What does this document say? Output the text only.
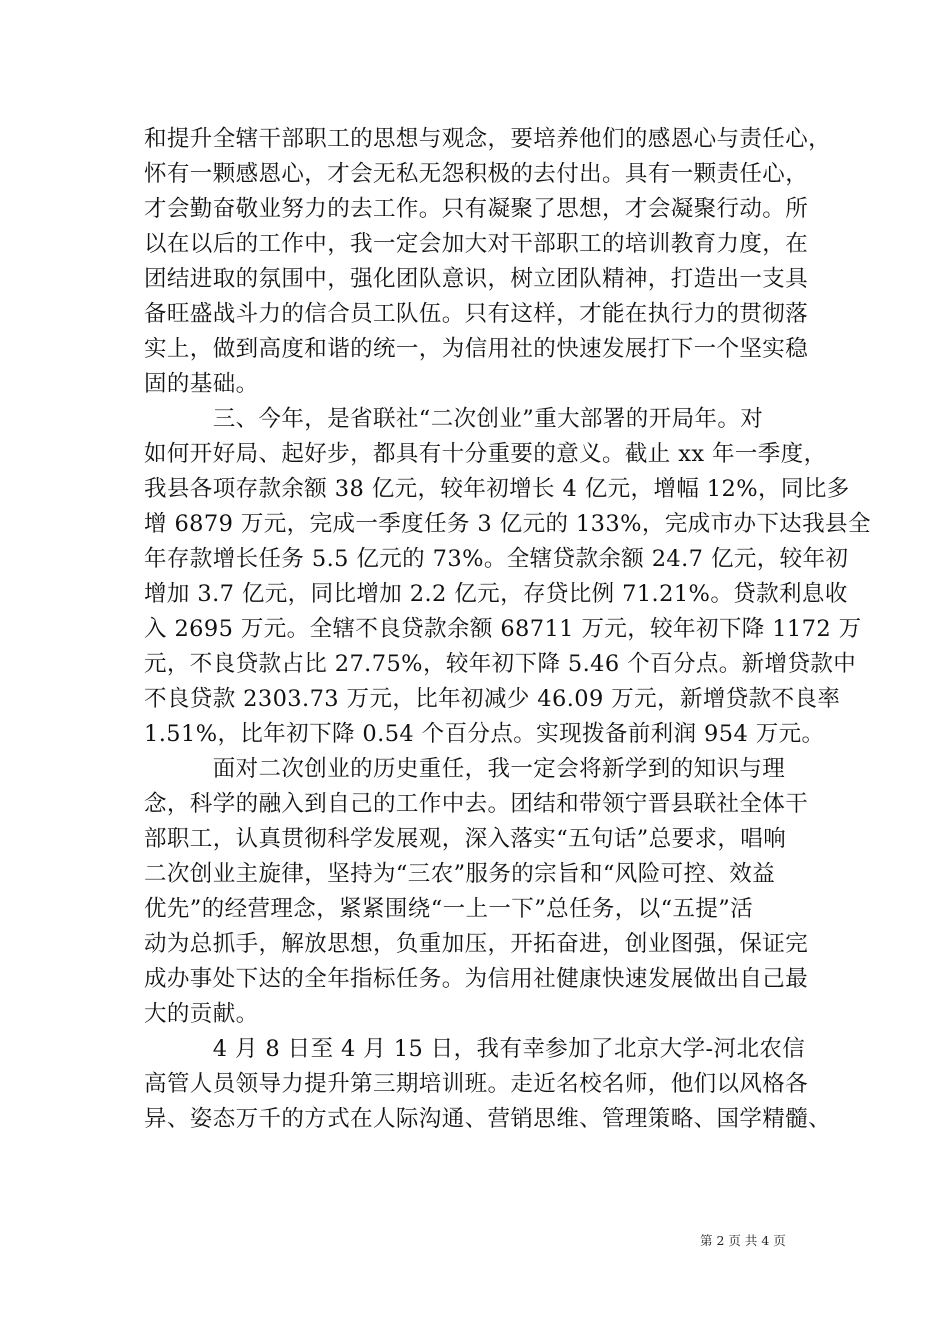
和提升全辖干部职工的思想与观念，要培养他们的感恩心与责任心，
怀有一颗感恩心，才会无私无怨积极的去付出。具有一颗责任心，
才会勤奋敬业努力的去工作。只有凝聚了思想，才会凝聚行动。所
以在以后的工作中，我一定会加大对干部职工的培训教育力度，在
团结进取的氛围中，强化团队意识，树立团队精神，打造出一支具
备旺盛战斗力的信合员工队伍。只有这样，才能在执行力的贯彻落
实上，做到高度和谐的统一，为信用社的快速发展打下一个坚实稳
固的基础。
　　　三、今年，是省联社“二次创业”重大部署的开局年。对
如何开好局、起好步，都具有十分重要的意义。截止 xx 年一季度，
我县各项存款余额 38 亿元，较年初增长 4 亿元，增幅 12%，同比多
增 6879 万元，完成一季度任务 3 亿元的 133%，完成市办下达我县全
年存款增长任务 5.5 亿元的 73%。全辖贷款余额 24.7 亿元，较年初
增加 3.7 亿元，同比增加 2.2 亿元，存贷比例 71.21%。贷款利息收
入 2695 万元。全辖不良贷款余额 68711 万元，较年初下降 1172 万
元，不良贷款占比 27.75%，较年初下降 5.46 个百分点。新增贷款中
不良贷款 2303.73 万元，比年初减少 46.09 万元，新增贷款不良率
1.51%，比年初下降 0.54 个百分点。实现拨备前利润 954 万元。
　　　面对二次创业的历史重任，我一定会将新学到的知识与理
念，科学的融入到自己的工作中去。团结和带领宁晋县联社全体干
部职工，认真贯彻科学发展观，深入落实“五句话”总要求，唱响
二次创业主旋律，坚持为“三农”服务的宗旨和“风险可控、效益
优先”的经营理念，紧紧围绕“一上一下”总任务，以“五提”活
动为总抓手，解放思想，负重加压，开拓奋进，创业图强，保证完
成办事处下达的全年指标任务。为信用社健康快速发展做出自己最
大的贡献。
　　　4 月 8 日至 4 月 15 日，我有幸参加了北京大学-河北农信
高管人员领导力提升第三期培训班。走近名校名师，他们以风格各
异、姿态万千的方式在人际沟通、营销思维、管理策略、国学精髓、
第 2 页 共 4 页
